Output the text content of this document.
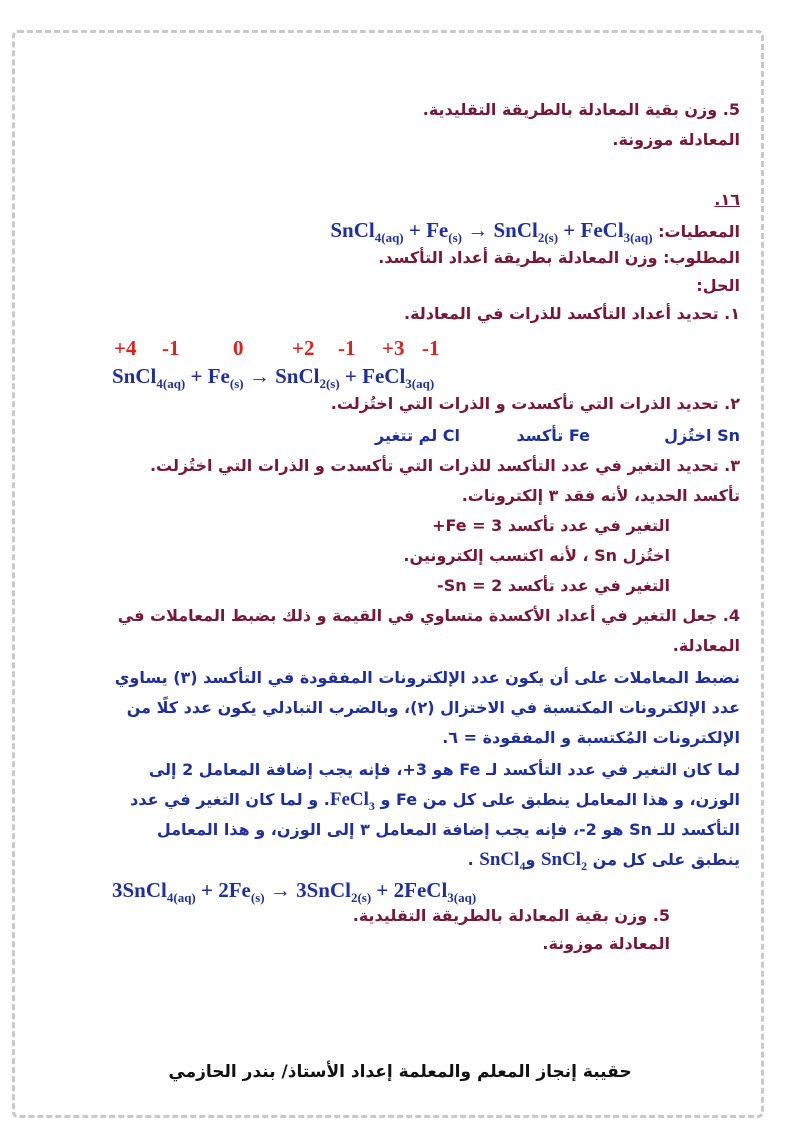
5. وزن بقية المعادلة بالطريقة التقليدية.
المعادلة موزونة.
١٦.
المعطيات: SnCl$_{4(aq)}$ + $Fe_{(s)}$ → SnCl$_{2(s)}$ + FeCl$_{3(aq)}$
المطلوب: وزن المعادلة بطريقة أعداد التأكسد.
الحل:
١. تحديد أعداد التأكسد للذرات في المعادلة.
+4 -1	0 +2 -1 +3 -1
SnCl$_{4(aq)}$ + $Fe_{(s)}$ → SnCl$_{2(s)}$ + FeCl$_{3(aq)}$
٢. تحديد الذرات التي تأكسدت و الذرات التي اختُزلت.
Sn اختُزل
Fe تأكسد
Cl لم تتغير
٣. تحديد التغير في عدد التأكسد للذرات التي تأكسدت و الذرات التي اختُزلت.
تأكسد الحديد، لأنه فقد ٣ إلكترونات.
التغير في عدد تأكسد Fe = 3+
اختُزل Sn ، لأنه اكتسب إلكترونين.
التغير في عدد تأكسد Sn = 2-
4. جعل التغير في أعداد الأكسدة متساوي في القيمة و ذلك بضبط المعاملات في
المعادلة.
نضبط المعاملات على أن يكون عدد الإلكترونات المفقودة في التأكسد (٣) يساوي
عدد الإلكترونات المكتسبة في الاختزال (٢)، وبالضرب التبادلي يكون عدد كلًا من
الإلكترونات المُكتسبة و المفقودة = ٦.
لما كان التغير في عدد التأكسد لـ Fe هو 3+، فإنه يجب إضافة المعامل 2 إلى
الوزن، و هذا المعامل ينطبق على كل من Fe و FeCl$_3$. و لما كان التغير في عدد
التأكسد للـ Sn هو 2-، فإنه يجب إضافة المعامل ٣ إلى الوزن، و هذا المعامل
ينطبق على كل من SnCl$_2$ وSnCl$_4$ .
3SnCl$_{4(aq)}$ + $2Fe_{(s)}$ → 3SnCl$_{2(s)}$ + 2FeCl$_{3(aq)}$
5. وزن بقية المعادلة بالطريقة التقليدية.
المعادلة موزونة.
حقيبة إنجاز المعلم والمعلمة إعداد الأستاذ/ بندر الحازمي
